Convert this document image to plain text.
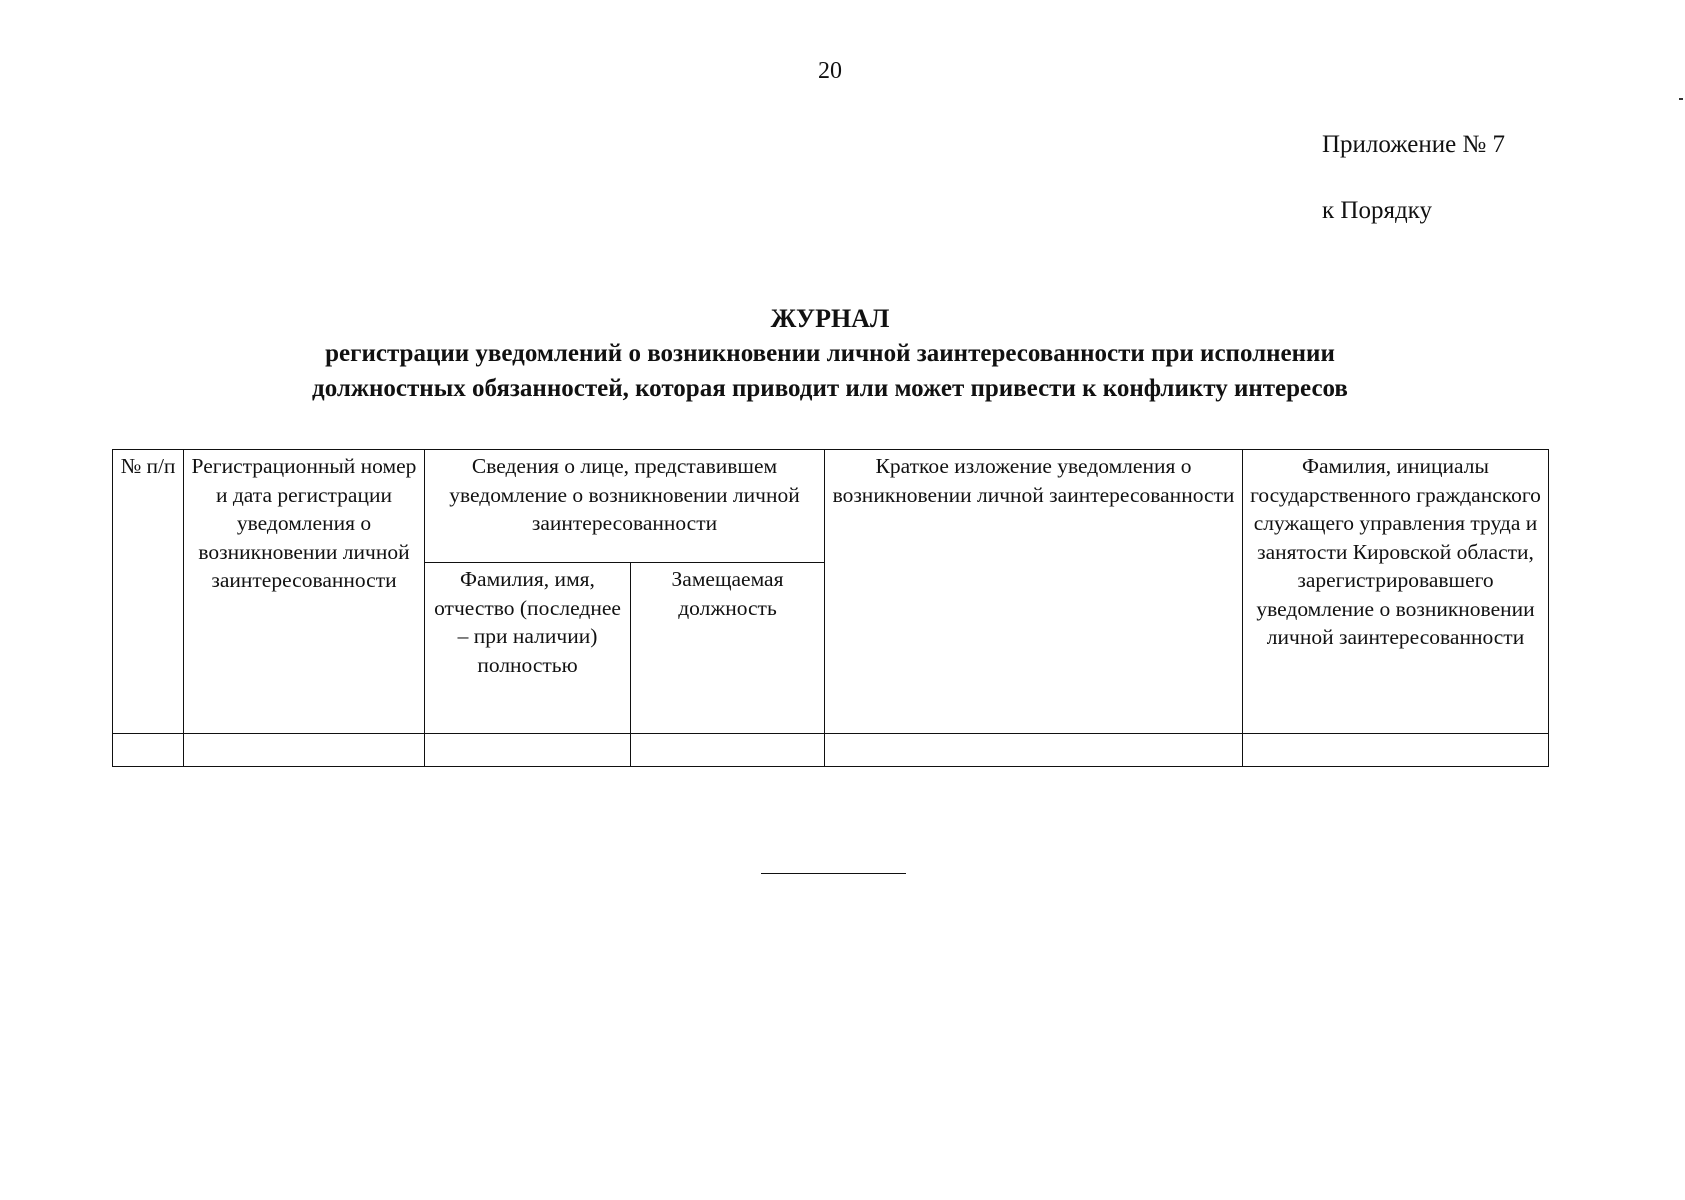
20
Приложение № 7
к Порядку
ЖУРНАЛ
регистрации уведомлений о возникновении личной заинтересованности при исполнении
должностных обязанностей, которая приводит или может привести к конфликту интересов
№ п/п	Регистрационный номер и дата регистрации уведомления о возникновении личной заинтересованности	Сведения о лице, представившем уведомление о возникновении личной заинтересованности		Краткое изложение уведомления о возникновении личной заинтересованности	Фамилия, инициалы государственного гражданского служащего управления труда и занятости Кировской области, зарегистрировавшего уведомление о возникновении личной заинтересованности
		Фамилия, имя, отчество (последнее – при наличии) полностью	Замещаемая должность		
